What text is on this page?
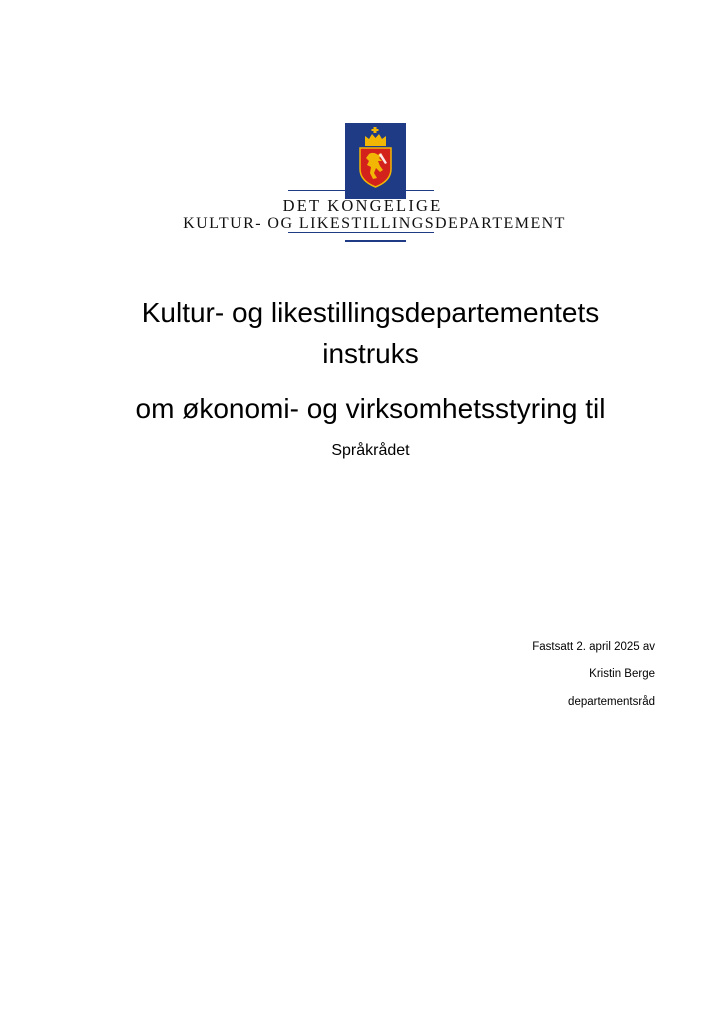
DET KONGELIGE
KULTUR- OG LIKESTILLINGSDEPARTEMENT
Kultur- og likestillingsdepartementets
instruks
om økonomi- og virksomhetsstyring til
Språkrådet
Fastsatt 2. april 2025 av
Kristin Berge
departementsråd
